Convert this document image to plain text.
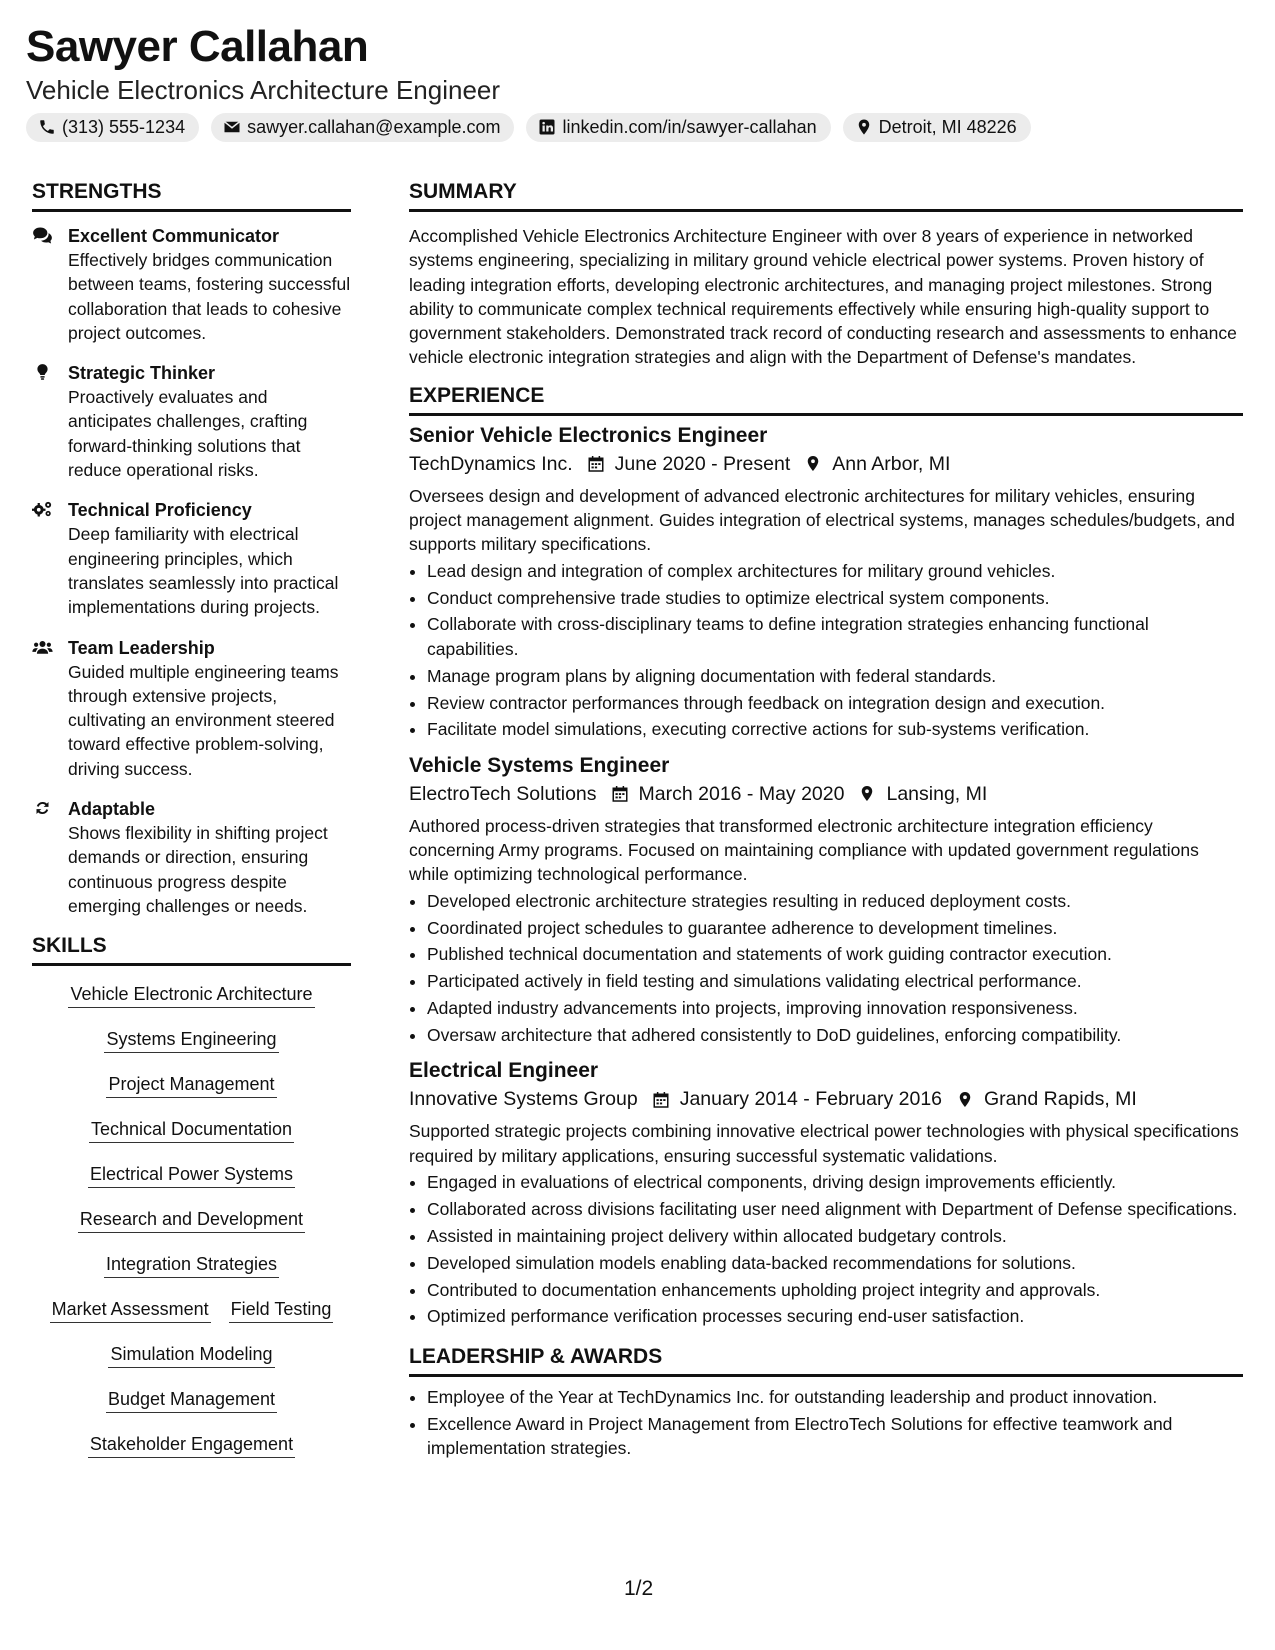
Sawyer Callahan
Vehicle Electronics Architecture Engineer
(313) 555-1234	sawyer.callahan@example.com	linkedin.com/in/sawyer-callahan	Detroit, MI 48226
STRENGTHS
Excellent Communicator
Effectively bridges communication between teams, fostering successful collaboration that leads to cohesive project outcomes.
Strategic Thinker
Proactively evaluates and anticipates challenges, crafting forward-thinking solutions that reduce operational risks.
Technical Proficiency
Deep familiarity with electrical engineering principles, which translates seamlessly into practical implementations during projects.
Team Leadership
Guided multiple engineering teams through extensive projects, cultivating an environment steered toward effective problem-solving, driving success.
Adaptable
Shows flexibility in shifting project demands or direction, ensuring continuous progress despite emerging challenges or needs.
SKILLS
Vehicle Electronic Architecture
Systems Engineering
Project Management
Technical Documentation
Electrical Power Systems
Research and Development
Integration Strategies
Market Assessment Field Testing
Simulation Modeling
Budget Management
Stakeholder Engagement
SUMMARY
Accomplished Vehicle Electronics Architecture Engineer with over 8 years of experience in networked systems engineering, specializing in military ground vehicle electrical power systems. Proven history of leading integration efforts, developing electronic architectures, and managing project milestones. Strong ability to communicate complex technical requirements effectively while ensuring high-quality support to government stakeholders. Demonstrated track record of conducting research and assessments to enhance vehicle electronic integration strategies and align with the Department of Defense's mandates.
EXPERIENCE
Senior Vehicle Electronics Engineer
TechDynamics Inc. June 2020 - Present Ann Arbor, MI
Oversees design and development of advanced electronic architectures for military vehicles, ensuring project management alignment. Guides integration of electrical systems, manages schedules/budgets, and supports military specifications.
• Lead design and integration of complex architectures for military ground vehicles.
• Conduct comprehensive trade studies to optimize electrical system components.
• Collaborate with cross-disciplinary teams to define integration strategies enhancing functional capabilities.
• Manage program plans by aligning documentation with federal standards.
• Review contractor performances through feedback on integration design and execution.
• Facilitate model simulations, executing corrective actions for sub-systems verification.
Vehicle Systems Engineer
ElectroTech Solutions March 2016 - May 2020 Lansing, MI
Authored process-driven strategies that transformed electronic architecture integration efficiency concerning Army programs. Focused on maintaining compliance with updated government regulations while optimizing technological performance.
• Developed electronic architecture strategies resulting in reduced deployment costs.
• Coordinated project schedules to guarantee adherence to development timelines.
• Published technical documentation and statements of work guiding contractor execution.
• Participated actively in field testing and simulations validating electrical performance.
• Adapted industry advancements into projects, improving innovation responsiveness.
• Oversaw architecture that adhered consistently to DoD guidelines, enforcing compatibility.
Electrical Engineer
Innovative Systems Group January 2014 - February 2016 Grand Rapids, MI
Supported strategic projects combining innovative electrical power technologies with physical specifications required by military applications, ensuring successful systematic validations.
• Engaged in evaluations of electrical components, driving design improvements efficiently.
• Collaborated across divisions facilitating user need alignment with Department of Defense specifications.
• Assisted in maintaining project delivery within allocated budgetary controls.
• Developed simulation models enabling data-backed recommendations for solutions.
• Contributed to documentation enhancements upholding project integrity and approvals.
• Optimized performance verification processes securing end-user satisfaction.
LEADERSHIP & AWARDS
• Employee of the Year at TechDynamics Inc. for outstanding leadership and product innovation.
• Excellence Award in Project Management from ElectroTech Solutions for effective teamwork and implementation strategies.
1/2
